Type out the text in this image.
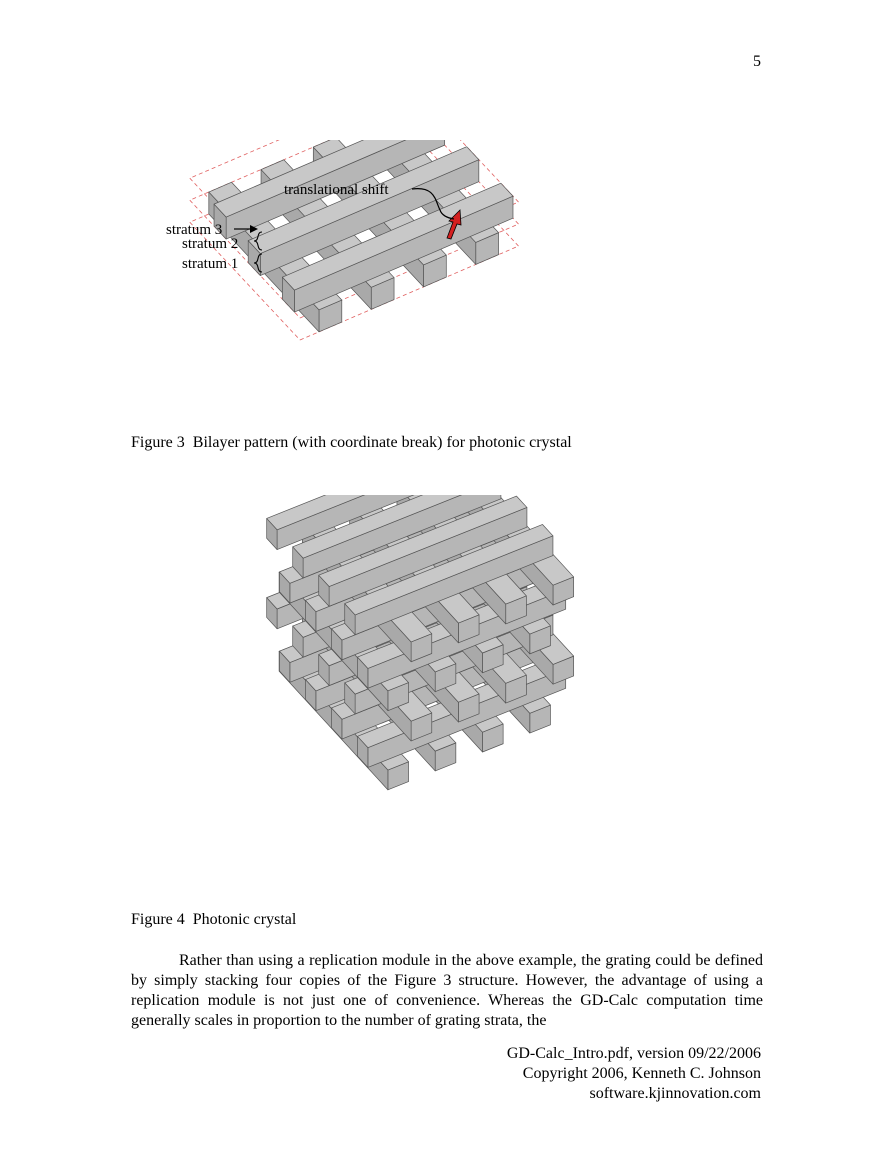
5
translational shift
stratum 3
stratum 2
stratum 1
Figure 3  Bilayer pattern (with coordinate break) for photonic crystal
Figure 4  Photonic crystal

Rather than using a replication module in the above example, the grating could be defined by simply stacking four copies of the Figure 3 structure. However, the advantage of using a replication module is not just one of convenience. Whereas the GD-Calc computation time generally scales in proportion to the number of grating strata, the

GD-Calc_Intro.pdf, version 09/22/2006
Copyright 2006, Kenneth C. Johnson
software.kjinnovation.com
